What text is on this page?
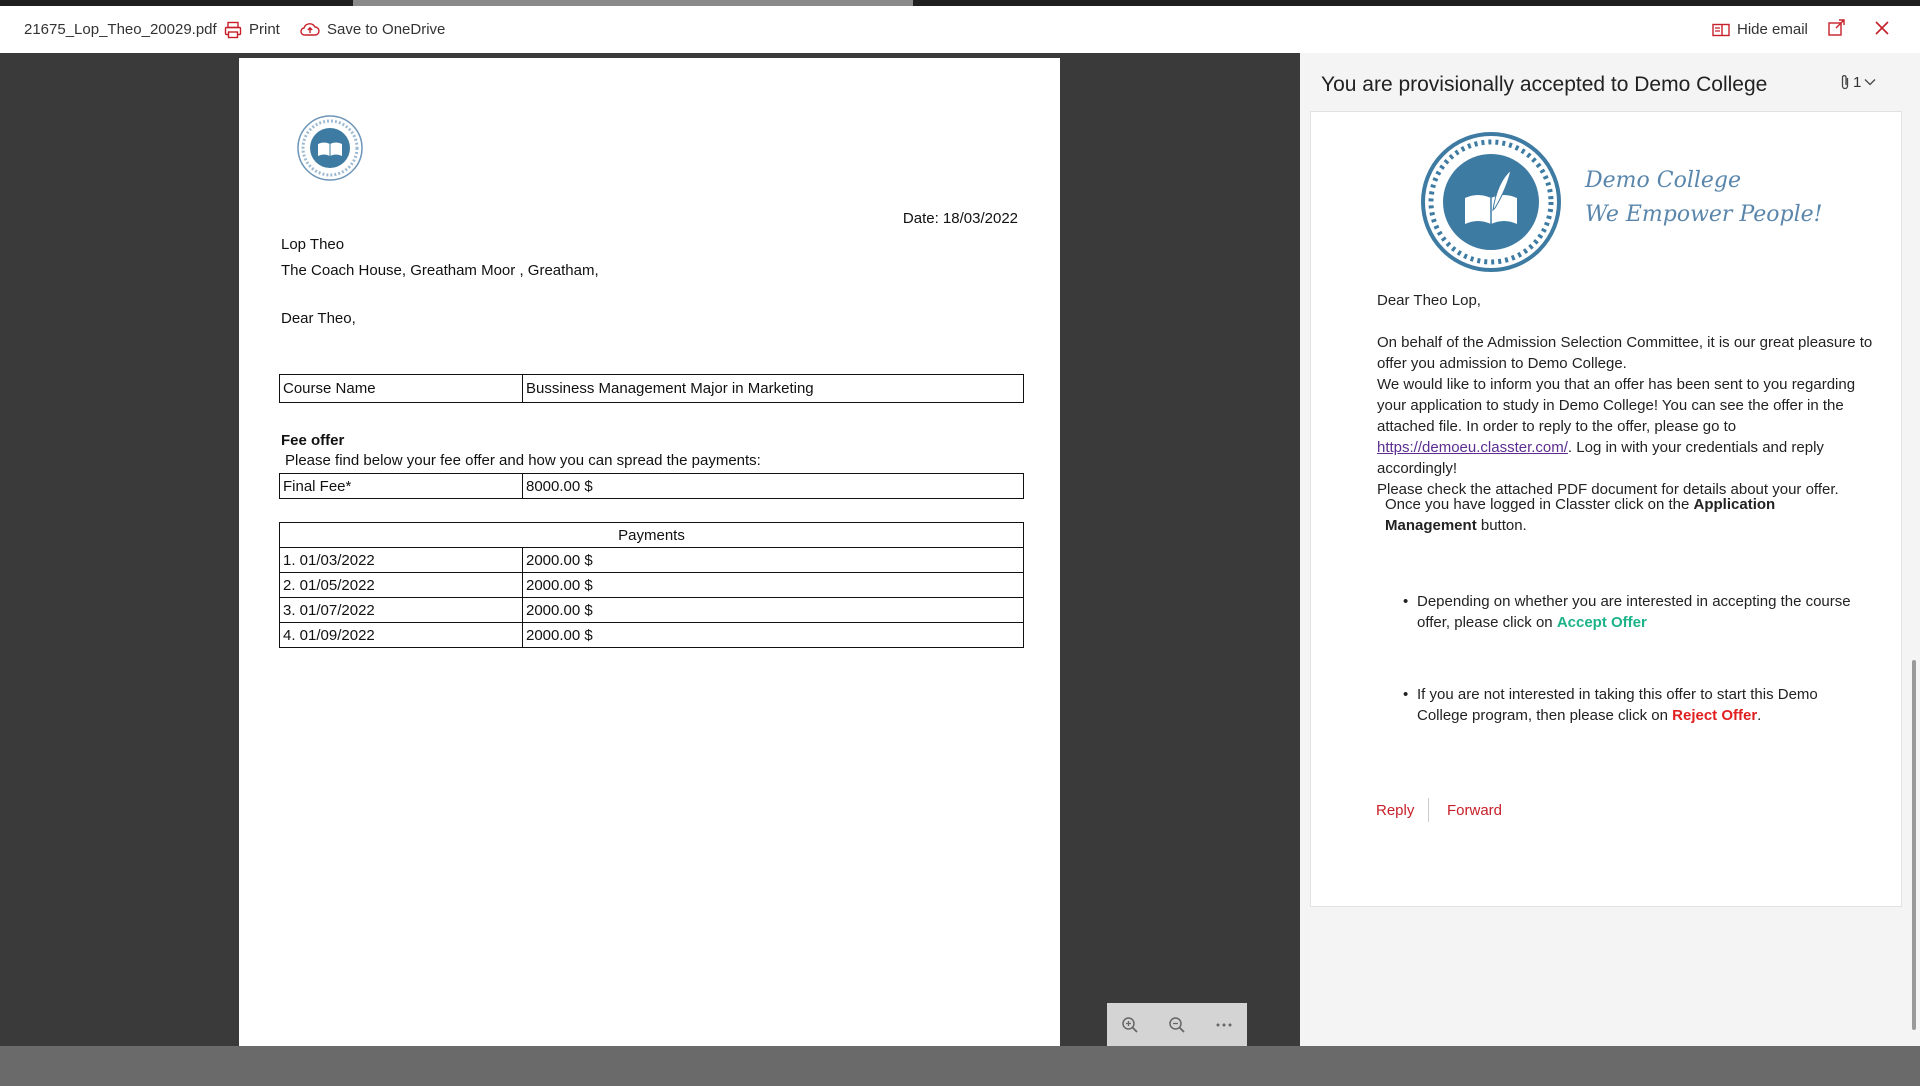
21675_Lop_Theo_20029.pdf Print	Save to OneDrive	Hide email
Date: 18/03/2022
Lop Theo
The Coach House, Greatham Moor , Greatham,
Dear Theo,
Course Name	Bussiness Management Major in Marketing
Fee offer
Please find below your fee offer and how you can spread the payments:
Final Fee*	8000.00 $
Payments	
1. 01/03/2022	2000.00 $
2. 01/05/2022	2000.00 $
3. 01/07/2022	2000.00 $
4. 01/09/2022	2000.00 $
You are provisionally accepted to Demo College	1
Demo College
We Empower People!
Dear Theo Lop,
On behalf of the Admission Selection Committee, it is our great pleasure to offer you admission to Demo College.
We would like to inform you that an offer has been sent to you regarding your application to study in Demo College! You can see the offer in the attached file. In order to reply to the offer, please go to https://demoeu.classter.com/. Log in with your credentials and reply accordingly!
Please check the attached PDF document for details about your offer.
Once you have logged in Classter click on the Application Management button.
• Depending on whether you are interested in accepting the course offer, please click on Accept Offer
• If you are not interested in taking this offer to start this Demo College program, then please click on Reject Offer.
Reply Forward
